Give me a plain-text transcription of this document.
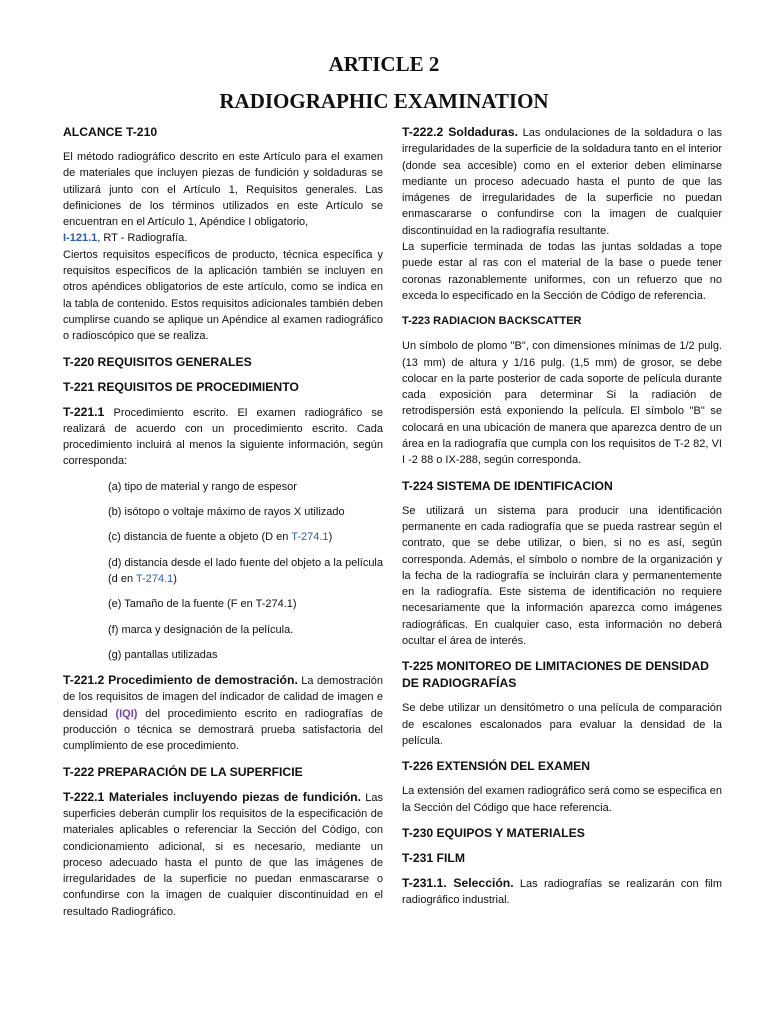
ARTICLE 2
RADIOGRAPHIC EXAMINATION
ALCANCE T-210
El método radiográfico descrito en este Artículo para el examen de materiales que incluyen piezas de fundición y soldaduras se utilizará junto con el Artículo 1, Requisitos generales. Las definiciones de los términos utilizados en este Artículo se encuentran en el Artículo 1, Apéndice I obligatorio,
I-121.1, RT - Radiografía.
Ciertos requisitos específicos de producto, técnica específica y requisitos específicos de la aplicación también se incluyen en otros apéndices obligatorios de este artículo, como se indica en la tabla de contenido. Estos requisitos adicionales también deben cumplirse cuando se aplique un Apéndice al examen radiográfico o radioscópico que se realiza.
T-220 REQUISITOS GENERALES
T-221 REQUISITOS DE PROCEDIMIENTO
T-221.1 Procedimiento escrito. El examen radiográfico se realizará de acuerdo con un procedimiento escrito. Cada procedimiento incluirá al menos la siguiente información, según corresponda:
(a) tipo de material y rango de espesor
(b) isótopo o voltaje máximo de rayos X utilizado
(c) distancia de fuente a objeto (D en T-274.1)
(d) distancia desde el lado fuente del objeto a la película (d en T-274.1)
(e) Tamaño de la fuente (F en T-274.1)
(f) marca y designación de la película.
(g) pantallas utilizadas
T-221.2 Procedimiento de demostración. La demostración de los requisitos de imagen del indicador de calidad de imagen e densidad (IQI) del procedimiento escrito en radiografías de producción o técnica se demostrará prueba satisfactoria del cumplimiento de ese procedimiento.
T-222 PREPARACIÓN DE LA SUPERFICIE
T-222.1 Materiales incluyendo piezas de fundición. Las superficies deberán cumplir los requisitos de la especificación de materiales aplicables o referenciar la Sección del Código, con condicionamiento adicional, si es necesario, mediante un proceso adecuado hasta el punto de que las imágenes de irregularidades de la superficie no puedan enmascararse o confundirse con la imagen de cualquier discontinuidad en el resultado Radiográfico.
T-222.2 Soldaduras. Las ondulaciones de la soldadura o las irregularidades de la superficie de la soldadura tanto en el interior (donde sea accesible) como en el exterior deben eliminarse mediante un proceso adecuado hasta el punto de que las imágenes de irregularidades de la superficie no puedan enmascararse o confundirse con la imagen de cualquier discontinuidad en la radiografía resultante.
La superficie terminada de todas las juntas soldadas a tope puede estar al ras con el material de la base o puede tener coronas razonablemente uniformes, con un refuerzo que no exceda lo especificado en la Sección de Código de referencia.
T-223 RADIACION BACKSCATTER
Un símbolo de plomo "B", con dimensiones mínimas de 1/2 pulg. (13 mm) de altura y 1/16 pulg. (1,5 mm) de grosor, se debe colocar en la parte posterior de cada soporte de película durante cada exposición para determinar Si la radiación de retrodispersión está exponiendo la película. El símbolo "B" se colocará en una ubicación de manera que aparezca dentro de un área en la radiografía que cumpla con los requisitos de T-2 82, VI I -2 88 o IX-288, según corresponda.
T-224 SISTEMA DE IDENTIFICACION
Se utilizará un sistema para producir una identificación permanente en cada radiografía que se pueda rastrear según el contrato, que se debe utilizar, o bien, si no es así, según corresponda. Además, el símbolo o nombre de la organización y la fecha de la radiografía se incluirán clara y permanentemente en la radiografía. Este sistema de identificación no requiere necesariamente que la información aparezca como imágenes radiográficas. En cualquier caso, esta información no deberá ocultar el área de interés.
T-225 MONITOREO DE LIMITACIONES DE DENSIDAD DE RADIOGRAFÍAS
Se debe utilizar un densitómetro o una película de comparación de escalones escalonados para evaluar la densidad de la película.
T-226 EXTENSIÓN DEL EXAMEN
La extensión del examen radiográfico será como se especifica en la Sección del Código que hace referencia.
T-230 EQUIPOS Y MATERIALES
T-231 FILM
T-231.1. Selección. Las radiografías se realizarán con film radiográfico industrial.
